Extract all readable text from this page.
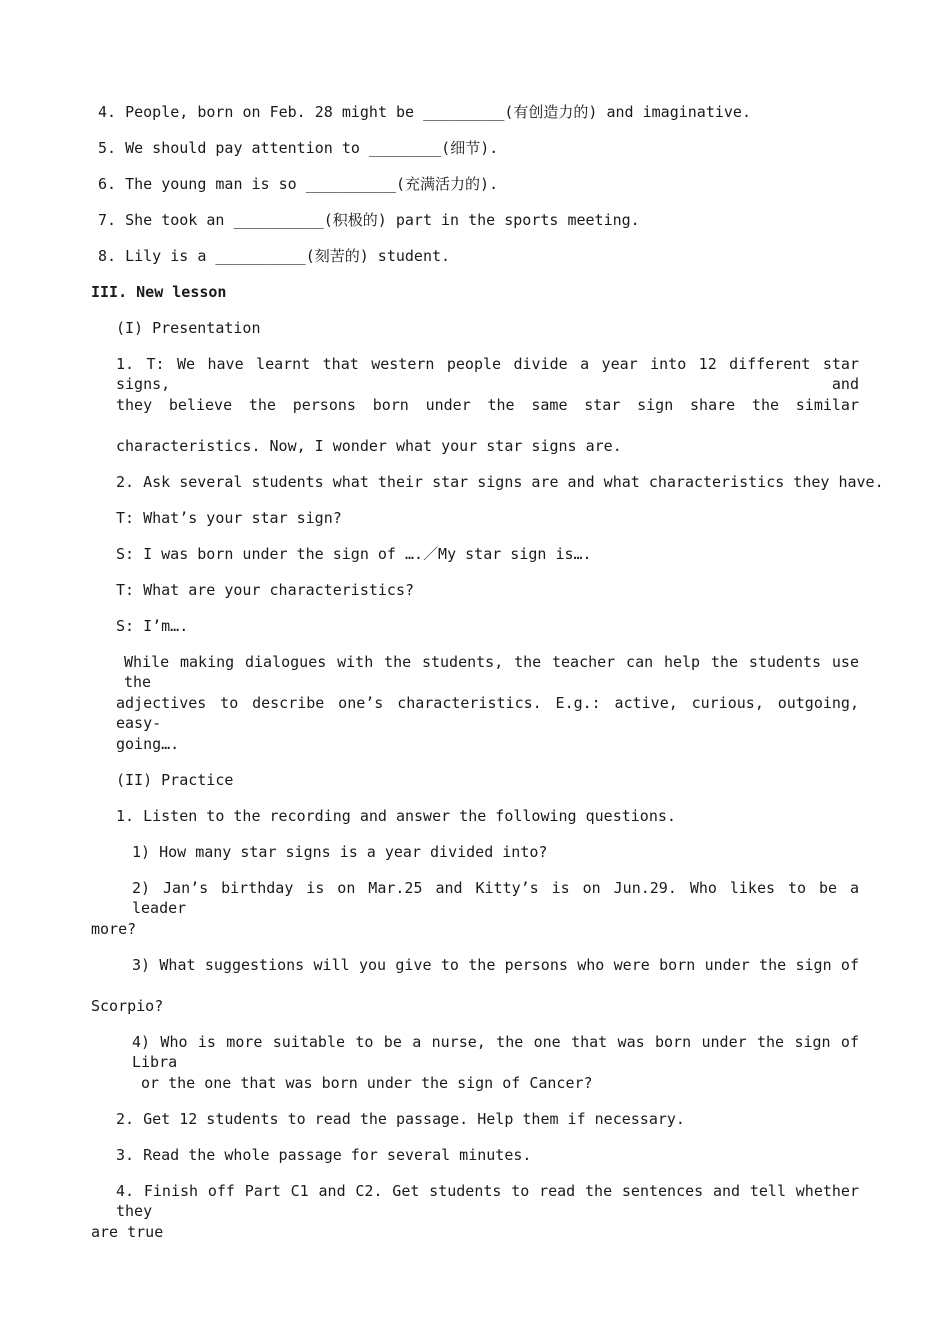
4. People, born on Feb. 28 might be _________(有创造力的) and imaginative.
5. We should pay attention to ________(细节).
6. The young man is so __________(充满活力的).
7. She took an __________(积极的) part in the sports meeting.
8. Lily is a __________(刻苦的) student.
III. New lesson
(I) Presentation
1. T: We have learnt that western people divide a year into 12 different star signs, and
they believe the persons born under the same star sign share the similar
characteristics. Now, I wonder what your star signs are.
2. Ask several students what their star signs are and what characteristics they have.
T: What’s your star sign?
S: I was born under the sign of ….／My star sign is….
T: What are your characteristics?
S: I’m….
While making dialogues with the students, the teacher can help the students use the
adjectives to describe one’s characteristics. E.g.: active, curious, outgoing, easy-
going….
(II) Practice
1. Listen to the recording and answer the following questions.
1) How many star signs is a year divided into?
2) Jan’s birthday is on Mar.25 and Kitty’s is on Jun.29. Who likes to be a leader
more?
3) What suggestions will you give to the persons who were born under the sign of
Scorpio?
4) Who is more suitable to be a nurse, the one that was born under the sign of Libra
or the one that was born under the sign of Cancer?
2. Get 12 students to read the passage. Help them if necessary.
3. Read the whole passage for several minutes.
4. Finish off Part C1 and C2. Get students to read the sentences and tell whether they
are true
